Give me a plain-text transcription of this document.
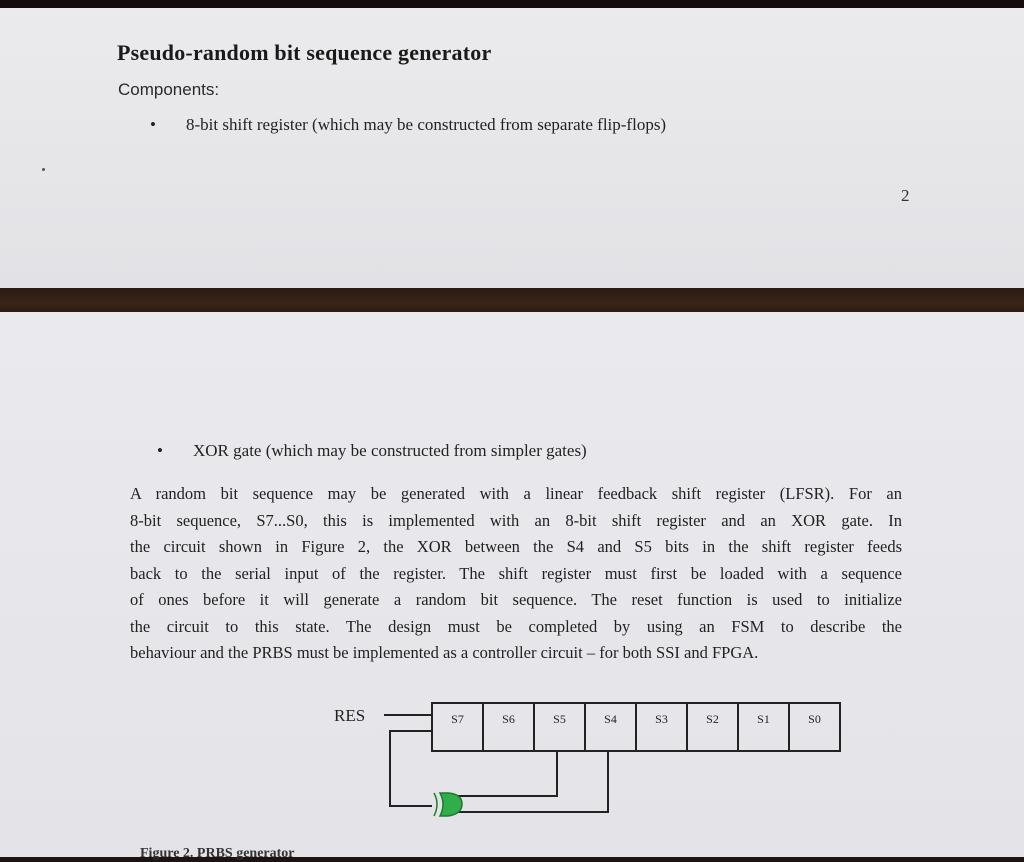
Pseudo-random bit sequence generator
Components:
• 8-bit shift register (which may be constructed from separate flip-flops)
2
• XOR gate (which may be constructed from simpler gates)
A random bit sequence may be generated with a linear feedback shift register (LFSR). For an
8-bit sequence, S7...S0, this is implemented with an 8-bit shift register and an XOR gate. In
the circuit shown in Figure 2, the XOR between the S4 and S5 bits in the shift register feeds
back to the serial input of the register. The shift register must first be loaded with a sequence
of ones before it will generate a random bit sequence. The reset function is used to initialize
the circuit to this state. The design must be completed by using an FSM to describe the
behaviour and the PRBS must be implemented as a controller circuit – for both SSI and FPGA.
RES	S7	S6	S5	S4	S3	S2	S1	S0
Figure 2. PRBS generator
